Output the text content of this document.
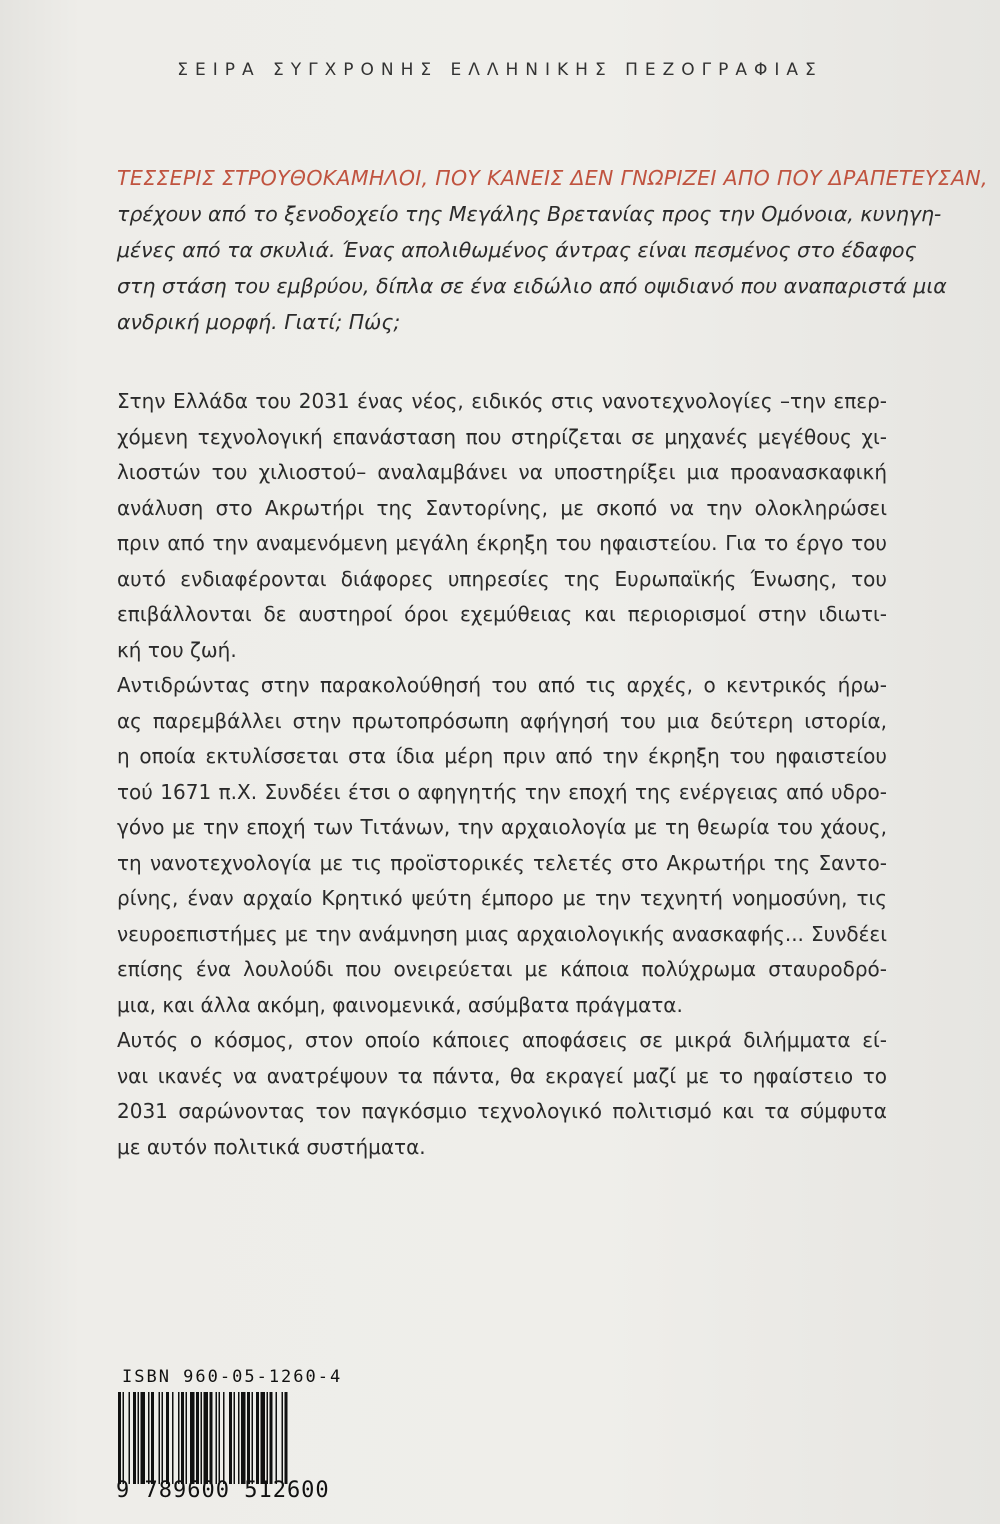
ΣΕΙΡΑ ΣΥΓΧΡΟΝΗΣ ΕΛΛΗΝΙΚΗΣ ΠΕΖΟΓΡΑΦΙΑΣ
ΤΕΣΣΕΡΙΣ ΣΤΡΟΥΘΟΚΑΜΗΛΟΙ, ΠΟΥ ΚΑΝΕΙΣ ΔΕΝ ΓΝΩΡΙΖΕΙ ΑΠΟ ΠΟΥ ΔΡΑΠΕΤΕΥΣΑΝ,
τρέχουν από το ξενοδοχείο της Μεγάλης Βρετανίας προς την Ομόνοια, κυνηγη-
μένες από τα σκυλιά. Ένας απολιθωμένος άντρας είναι πεσμένος στο έδαφος
στη στάση του εμβρύου, δίπλα σε ένα ειδώλιο από οψιδιανό που αναπαριστά μια
ανδρική μορφή. Γιατί; Πώς;

Στην Ελλάδα του 2031 ένας νέος, ειδικός στις νανοτεχνολογίες –την επερ-
χόμενη τεχνολογική επανάσταση που στηρίζεται σε μηχανές μεγέθους χι-
λιοστών του χιλιοστού– αναλαμβάνει να υποστηρίξει μια προανασκαφική
ανάλυση στο Ακρωτήρι της Σαντορίνης, με σκοπό να την ολοκληρώσει
πριν από την αναμενόμενη μεγάλη έκρηξη του ηφαιστείου. Για το έργο του
αυτό ενδιαφέρονται διάφορες υπηρεσίες της Ευρωπαϊκής Ένωσης, του
επιβάλλονται δε αυστηροί όροι εχεμύθειας και περιορισμοί στην ιδιωτι-
κή του ζωή.

Αντιδρώντας στην παρακολούθησή του από τις αρχές, ο κεντρικός ήρω-
ας παρεμβάλλει στην πρωτοπρόσωπη αφήγησή του μια δεύτερη ιστορία,
η οποία εκτυλίσσεται στα ίδια μέρη πριν από την έκρηξη του ηφαιστείου
τού 1671 π.Χ. Συνδέει έτσι ο αφηγητής την εποχή της ενέργειας από υδρο-
γόνο με την εποχή των Τιτάνων, την αρχαιολογία με τη θεωρία του χάους,
τη νανοτεχνολογία με τις προϊστορικές τελετές στο Ακρωτήρι της Σαντο-
ρίνης, έναν αρχαίο Κρητικό ψεύτη έμπορο με την τεχνητή νοημοσύνη, τις
νευροεπιστήμες με την ανάμνηση μιας αρχαιολογικής ανασκαφής... Συνδέει
επίσης ένα λουλούδι που ονειρεύεται με κάποια πολύχρωμα σταυροδρό-
μια, και άλλα ακόμη, φαινομενικά, ασύμβατα πράγματα.

Αυτός ο κόσμος, στον οποίο κάποιες αποφάσεις σε μικρά διλήμματα εί-
ναι ικανές να ανατρέψουν τα πάντα, θα εκραγεί μαζί με το ηφαίστειο το
2031 σαρώνοντας τον παγκόσμιο τεχνολογικό πολιτισμό και τα σύμφυτα
με αυτόν πολιτικά συστήματα.

ISBN 960-05-1260-4
9 789600 512600
